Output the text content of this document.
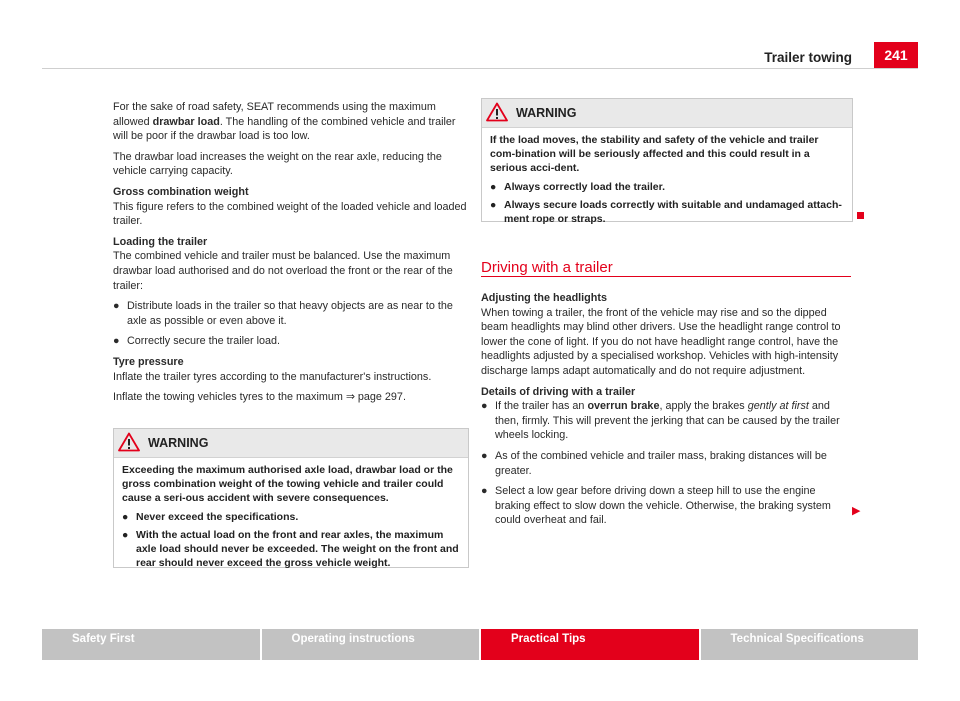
Trailer towing	241

For the sake of road safety, SEAT recommends using the maximum allowed drawbar load. The handling of the combined vehicle and trailer will be poor if the drawbar load is too low.

The drawbar load increases the weight on the rear axle, reducing the vehicle carrying capacity.

Gross combination weight

This figure refers to the combined weight of the loaded vehicle and loaded trailer.

Loading the trailer

The combined vehicle and trailer must be balanced. Use the maximum drawbar load authorised and do not overload the front or the rear of the trailer:

● Distribute loads in the trailer so that heavy objects are as near to the axle as possible or even above it.
● Correctly secure the trailer load.

Tyre pressure

Inflate the trailer tyres according to the manufacturer's instructions.

Inflate the towing vehicles tyres to the maximum ⇒ page 297.

WARNING

Exceeding the maximum authorised axle load, drawbar load or the gross combination weight of the towing vehicle and trailer could cause a seri-ous accident with severe consequences.

● Never exceed the specifications.
● With the actual load on the front and rear axles, the maximum axle load should never be exceeded. The weight on the front and rear should never exceed the gross vehicle weight.
WARNING

If the load moves, the stability and safety of the vehicle and trailer com-bination will be seriously affected and this could result in a serious acci-dent.

● Always correctly load the trailer.
● Always secure loads correctly with suitable and undamaged attach-ment rope or straps.
Driving with a trailer

Adjusting the headlights

When towing a trailer, the front of the vehicle may rise and so the dipped beam headlights may blind other drivers. Use the headlight range control to lower the cone of light. If you do not have headlight range control, have the headlights adjusted by a specialised workshop. Vehicles with high-intensity discharge lamps adapt automatically and do not require adjustment.

Details of driving with a trailer

● If the trailer has an overrun brake, apply the brakes gently at first and then, firmly. This will prevent the jerking that can be caused by the trailer wheels locking.
● As of the combined vehicle and trailer mass, braking distances will be greater.
● Select a low gear before driving down a steep hill to use the engine braking effect to slow down the vehicle. Otherwise, the braking system could overheat and fail.
▶
Safety First	Operating instructions	Practical Tips	Technical Specifications
